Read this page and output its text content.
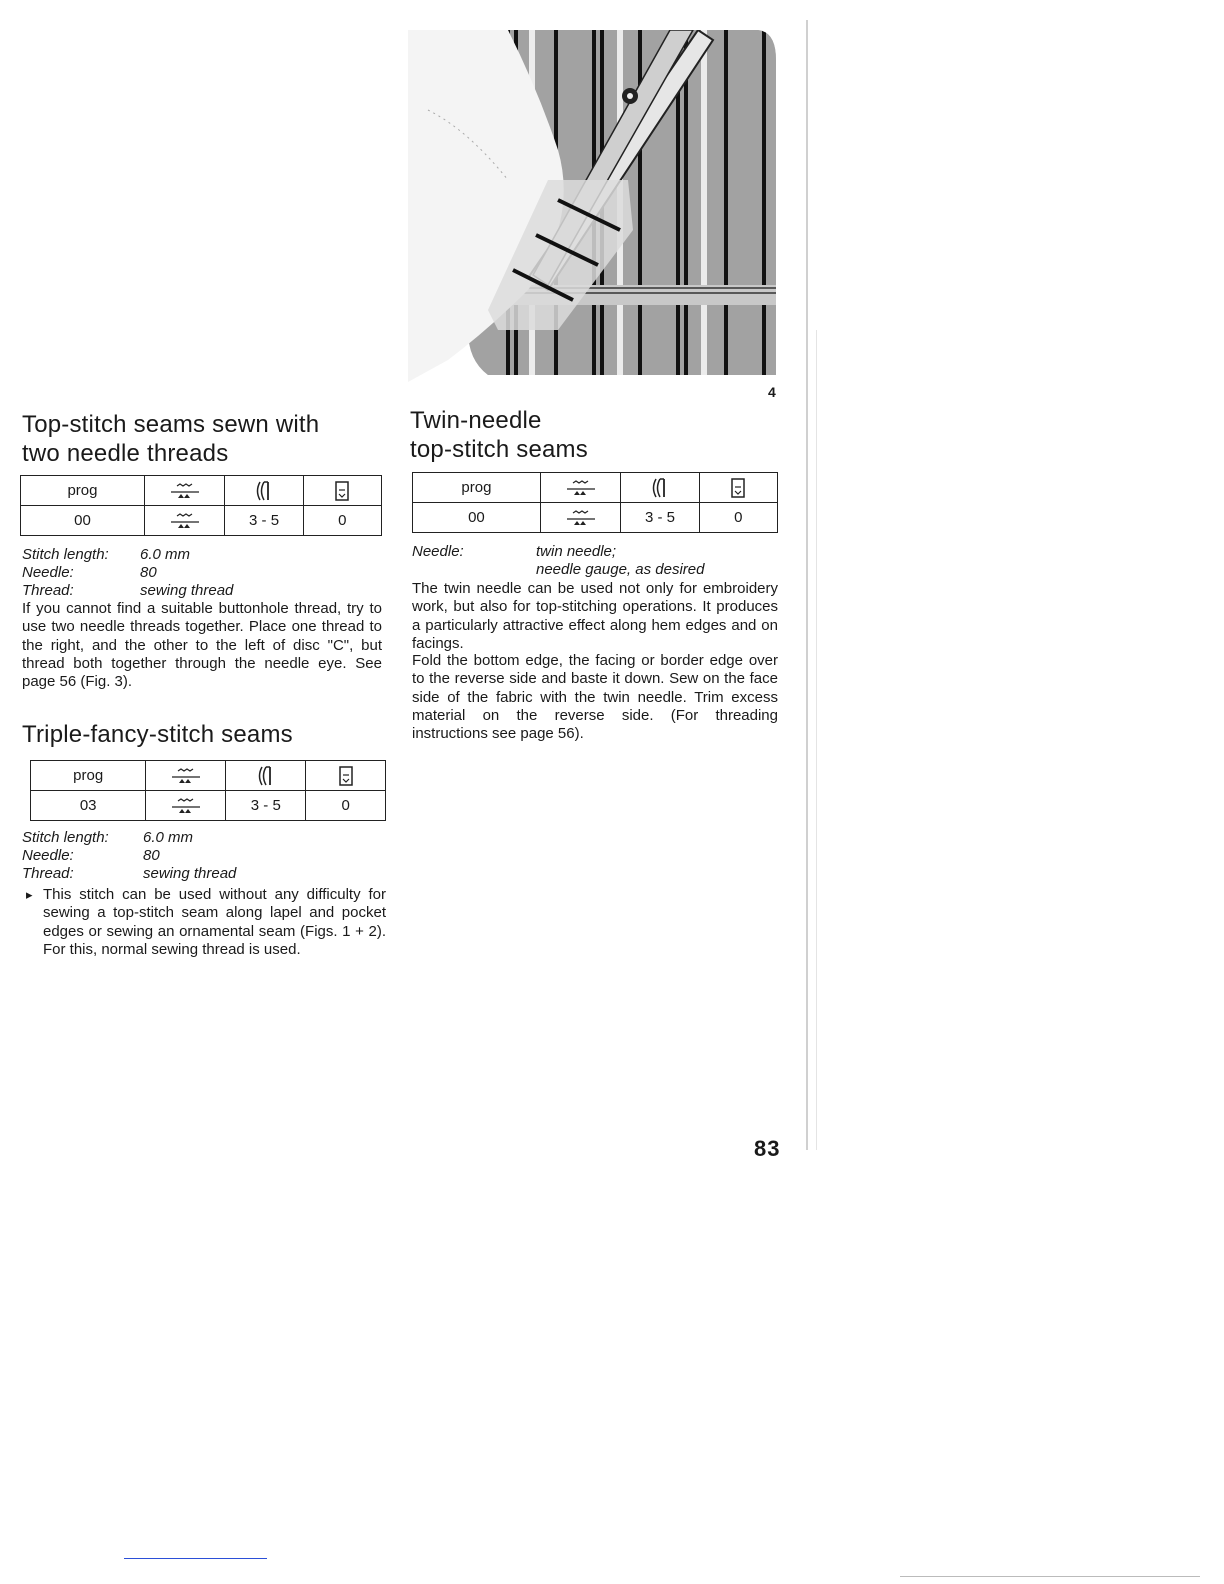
4
Top-stitch seams sewn with
two needle threads
prog			
00		3 - 5	0
Stitch length: 6.0 mm
Needle:	80
Thread:	sewing thread

If you cannot find a suitable buttonhole thread, try to use two needle threads together. Place one thread to the right, and the other to the left of disc "C", but thread both together through the needle eye. See page 56 (Fig. 3).

Triple-fancy-stitch seams
prog			
03		3 - 5	0
Stitch length: 6.0 mm
Needle:	80
Thread:	sewing thread
▸ This stitch can be used without any difficulty for sewing a top-stitch seam along lapel and pocket edges or sewing an ornamental seam (Figs. 1 + 2). For this, normal sewing thread is used.

Twin-needle
top-stitch seams
prog			
00		3 - 5	0
Needle:	twin needle;
needle gauge, as desired

The twin needle can be used not only for embroidery work, but also for top-stitching operations. It produces a particularly attractive effect along hem edges and on facings.

Fold the bottom edge, the facing or border edge over to the reverse side and baste it down. Sew on the face side of the fabric with the twin needle. Trim excess material on the reverse side. (For threading instructions see page 56).

83
